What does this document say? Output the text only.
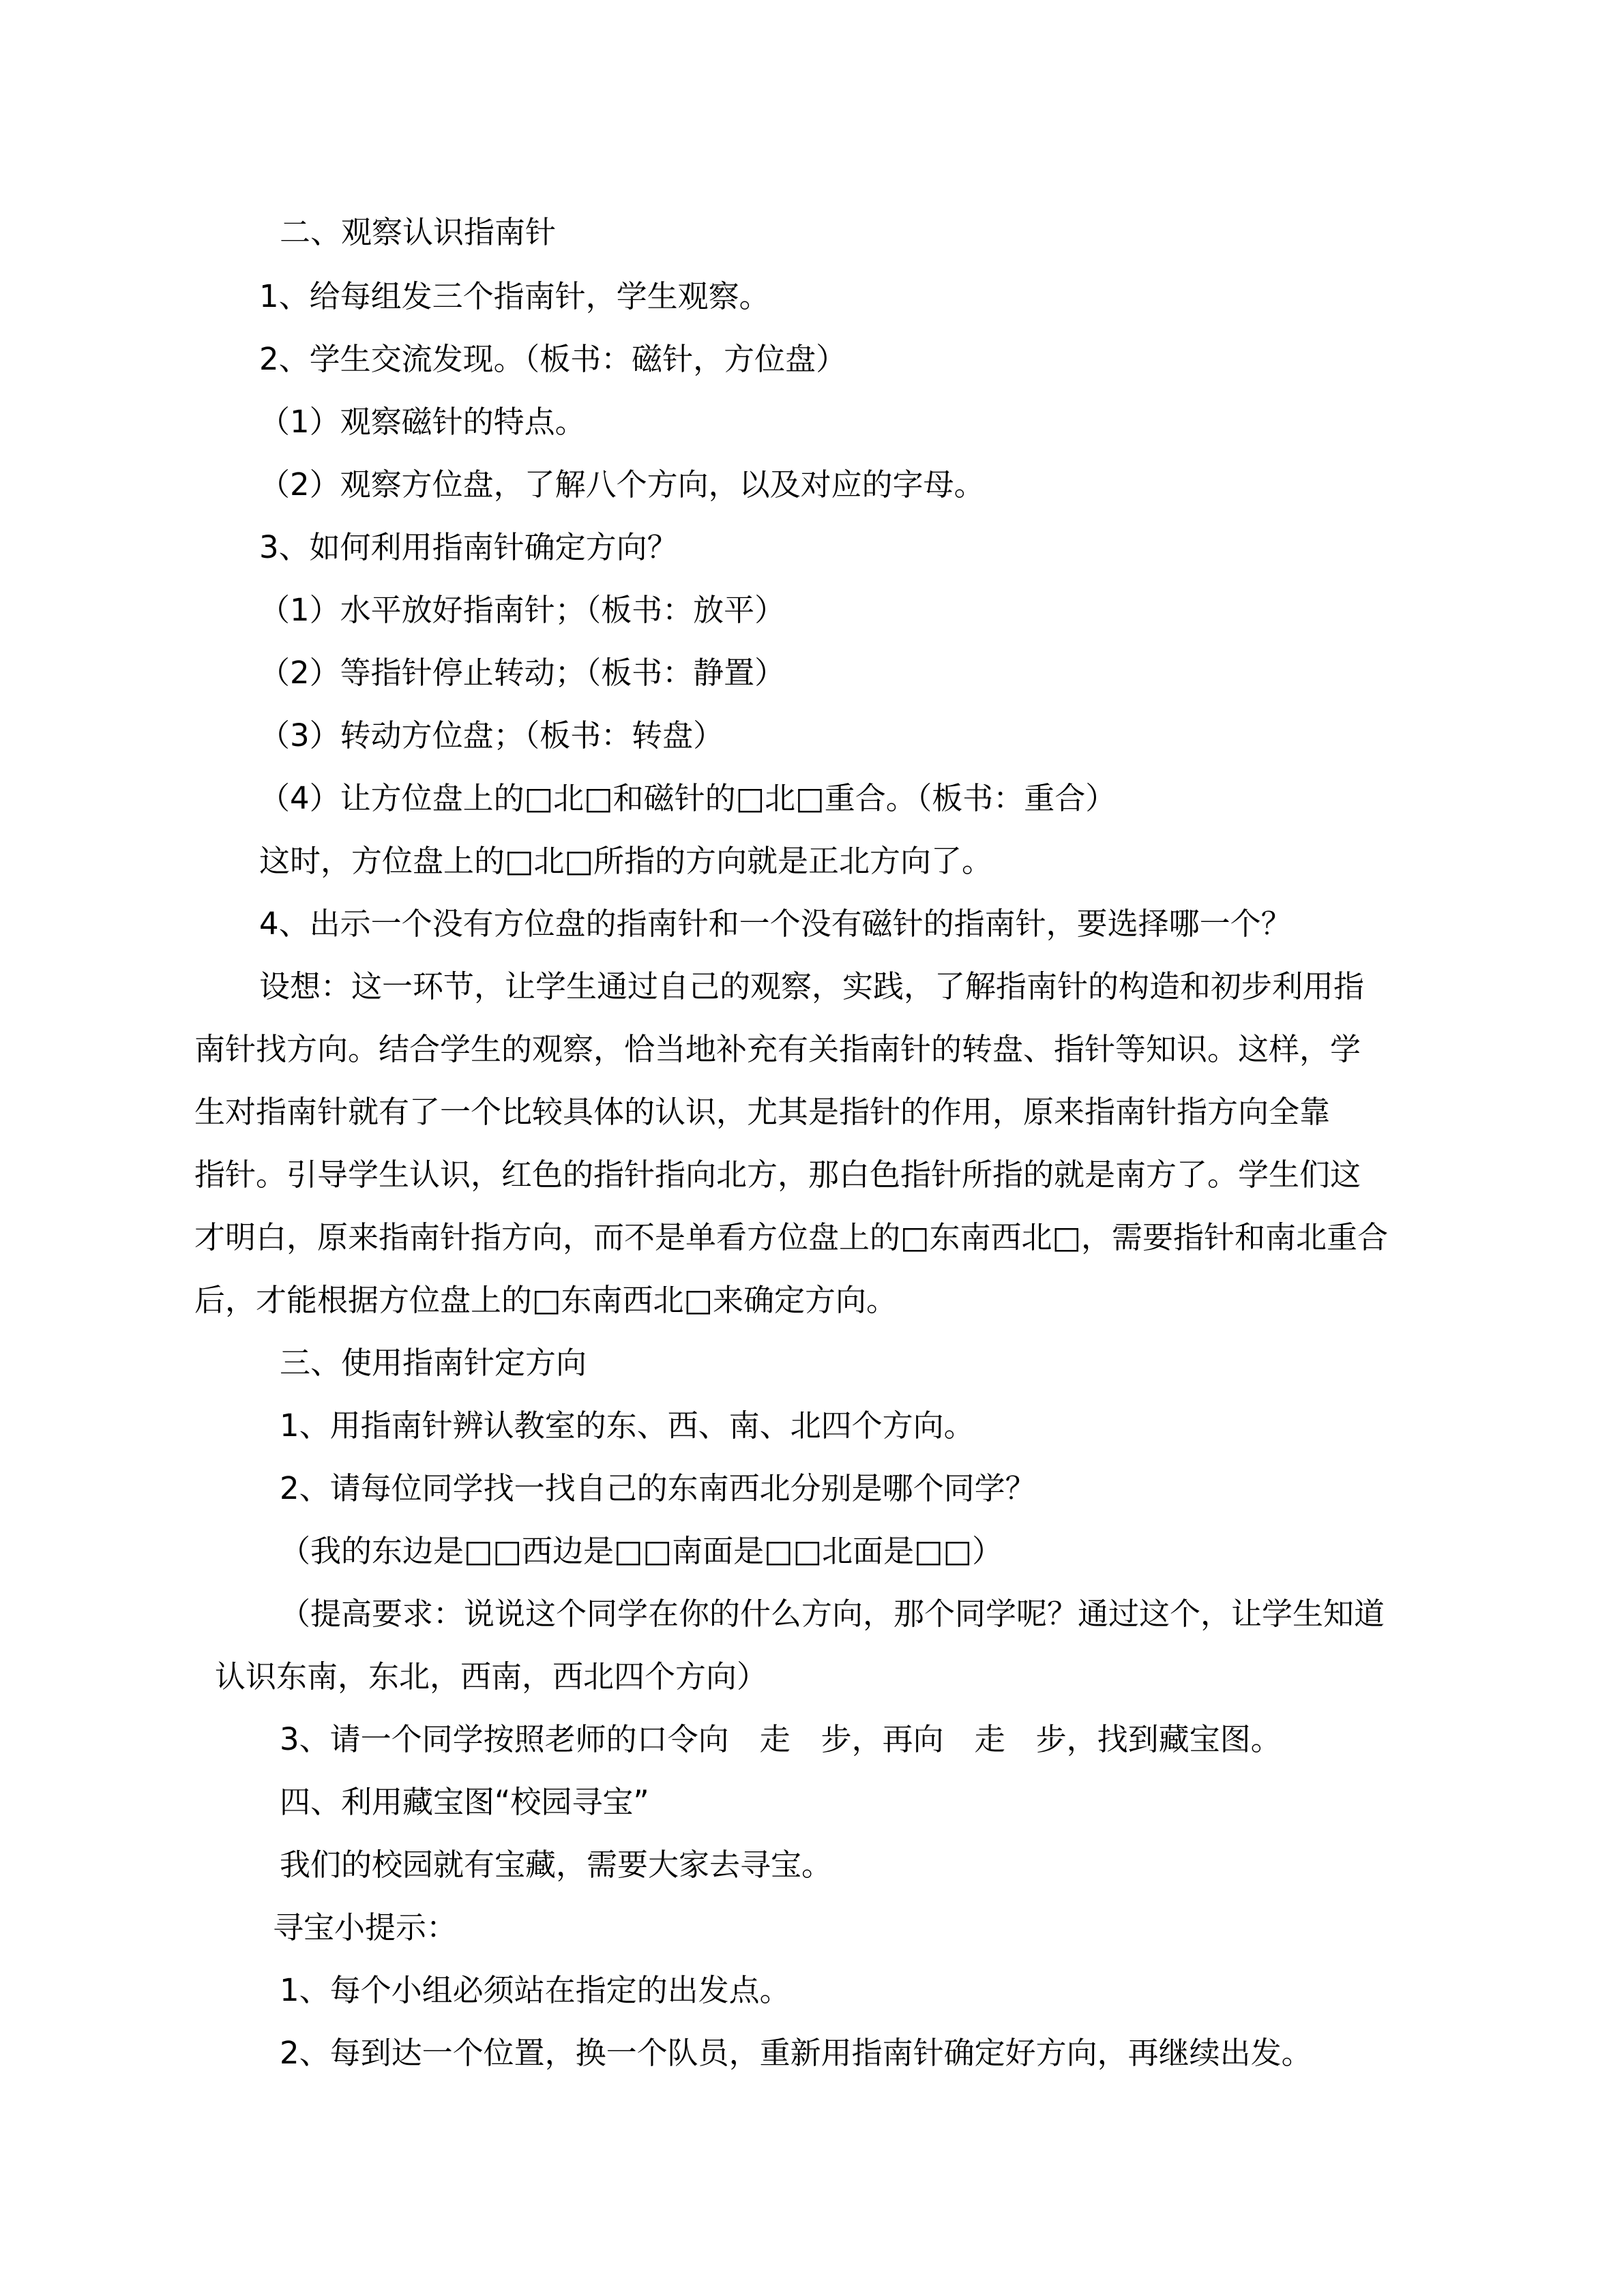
二、观察认识指南针
1、给每组发三个指南针，学生观察。
2、学生交流发现。（板书：磁针，方位盘）
（1）观察磁针的特点。
（2）观察方位盘，了解八个方向，以及对应的字母。
3、如何利用指南针确定方向？
（1）水平放好指南针；（板书：放平）
（2）等指针停止转动；（板书：静置）
（3）转动方位盘；（板书：转盘）
（4）让方位盘上的□北□和磁针的□北□重合。（板书：重合）
这时，方位盘上的□北□所指的方向就是正北方向了。
4、出示一个没有方位盘的指南针和一个没有磁针的指南针，要选择哪一个？
设想：这一环节，让学生通过自己的观察，实践，了解指南针的构造和初步利用指
南针找方向。结合学生的观察，恰当地补充有关指南针的转盘、指针等知识。这样，学
生对指南针就有了一个比较具体的认识，尤其是指针的作用，原来指南针指方向全靠
指针。引导学生认识，红色的指针指向北方，那白色指针所指的就是南方了。学生们这
才明白，原来指南针指方向，而不是单看方位盘上的□东南西北□，需要指针和南北重合
后，才能根据方位盘上的□东南西北□来确定方向。
三、使用指南针定方向
1、用指南针辨认教室的东、西、南、北四个方向。
2、请每位同学找一找自己的东南西北分别是哪个同学？
（我的东边是□□西边是□□南面是□□北面是□□）
（提高要求：说说这个同学在你的什么方向，那个同学呢？通过这个，让学生知道
认识东南，东北，西南，西北四个方向）
3、请一个同学按照老师的口令向　走　步，再向　走　步，找到藏宝图。
四、利用藏宝图“校园寻宝”
我们的校园就有宝藏，需要大家去寻宝。
寻宝小提示：
1、每个小组必须站在指定的出发点。
2、每到达一个位置，换一个队员，重新用指南针确定好方向，再继续出发。
